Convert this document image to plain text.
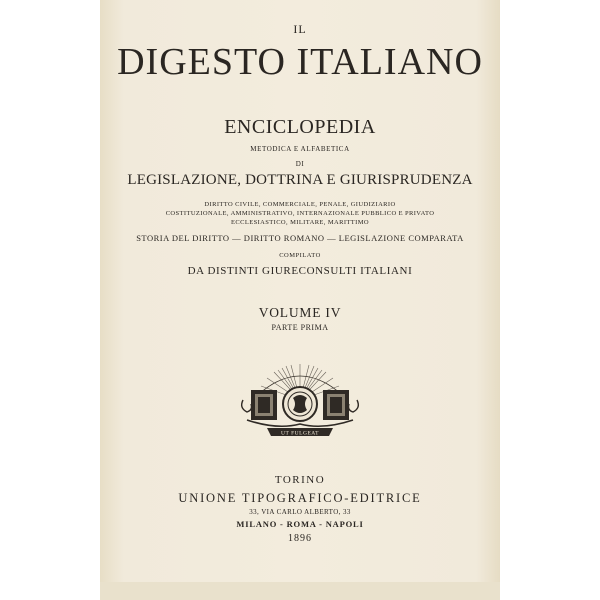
IL
DIGESTO ITALIANO
ENCICLOPEDIA
METODICA E ALFABETICA
DI
LEGISLAZIONE, DOTTRINA E GIURISPRUDENZA
DIRITTO CIVILE, COMMERCIALE, PENALE, GIUDIZIARIO
COSTITUZIONALE, AMMINISTRATIVO, INTERNAZIONALE PUBBLICO E PRIVATO
ECCLESIASTICO, MILITARE, MARITTIMO
STORIA DEL DIRITTO — DIRITTO ROMANO — LEGISLAZIONE COMPARATA
COMPILATO
DA DISTINTI GIURECONSULTI ITALIANI
VOLUME IV
PARTE PRIMA
UT FULGEAT
TORINO
UNIONE TIPOGRAFICO-EDITRICE
33, VIA CARLO ALBERTO, 33
MILANO - ROMA - NAPOLI
1896
